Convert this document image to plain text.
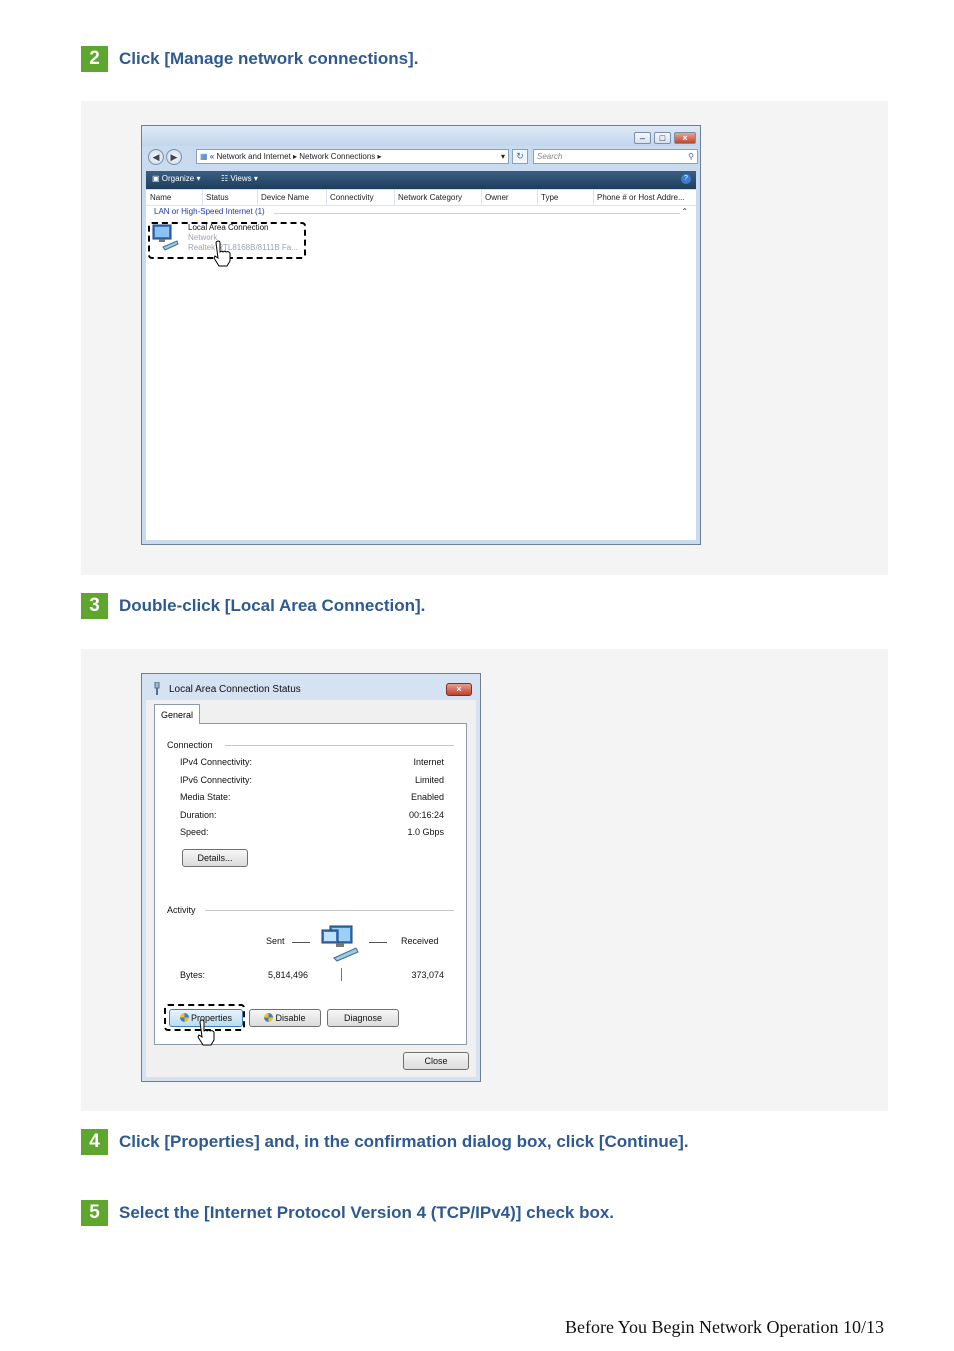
2	Click [Manage network connections].
–	□	×
◀	▶	▦ « Network and Internet ▸ Network Connections ▸	▾	↻	Search	⚲
▣ Organize ▾	☷ Views ▾	?
Name	Status	Device Name	Connectivity	Network Category	Owner	Type	Phone # or Host Addre...
LAN or High-Speed Internet (1)	⌃
Local Area Connection
Network
Realtek RTL8168B/8111B Fa...
3	Double-click [Local Area Connection].
Local Area Connection Status	×
General
Connection
IPv4 Connectivity:	Internet
IPv6 Connectivity:	Limited
Media State:	Enabled
Duration:	00:16:24
Speed:	1.0 Gbps
Details...
Activity
Sent	Received
Bytes:	5,814,496	373,074
Properties	Disable	Diagnose
Close
4	Click [Properties] and, in the confirmation dialog box, click [Continue].
5	Select the [Internet Protocol Version 4 (TCP/IPv4)] check box.
Before You Begin Network Operation 10/13
